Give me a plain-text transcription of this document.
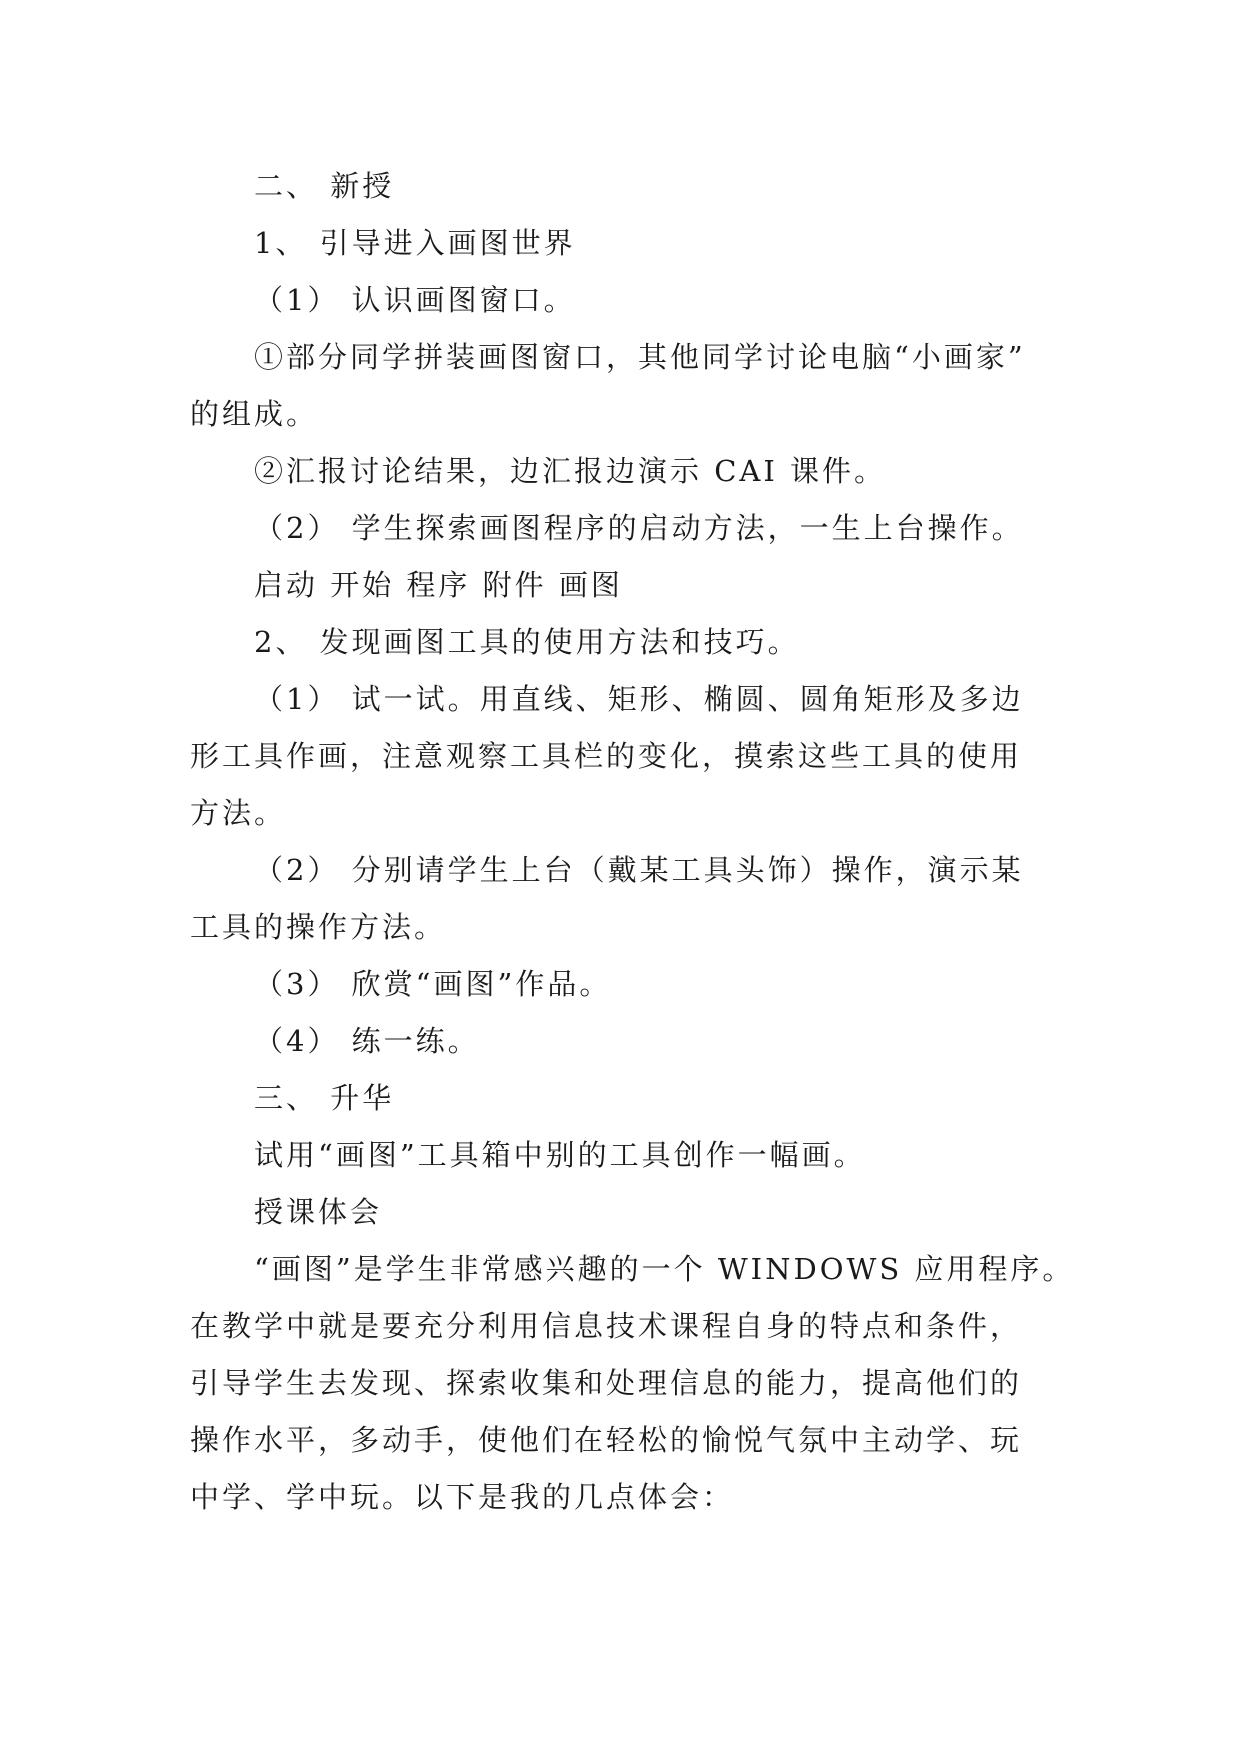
二、 新授
1、 引导进入画图世界
（1） 认识画图窗口。
①部分同学拼装画图窗口，其他同学讨论电脑“小画家”
的组成。
②汇报讨论结果，边汇报边演示 CAI 课件。
（2） 学生探索画图程序的启动方法，一生上台操作。
启动 开始 程序 附件 画图
2、 发现画图工具的使用方法和技巧。
（1） 试一试。用直线、矩形、椭圆、圆角矩形及多边
形工具作画，注意观察工具栏的变化，摸索这些工具的使用
方法。
（2） 分别请学生上台（戴某工具头饰）操作，演示某
工具的操作方法。
（3） 欣赏“画图”作品。
（4） 练一练。
三、 升华
试用“画图”工具箱中别的工具创作一幅画。
授课体会
“画图”是学生非常感兴趣的一个 WINDOWS 应用程序。
在教学中就是要充分利用信息技术课程自身的特点和条件，
引导学生去发现、探索收集和处理信息的能力，提高他们的
操作水平，多动手，使他们在轻松的愉悦气氛中主动学、玩
中学、学中玩。以下是我的几点体会：
